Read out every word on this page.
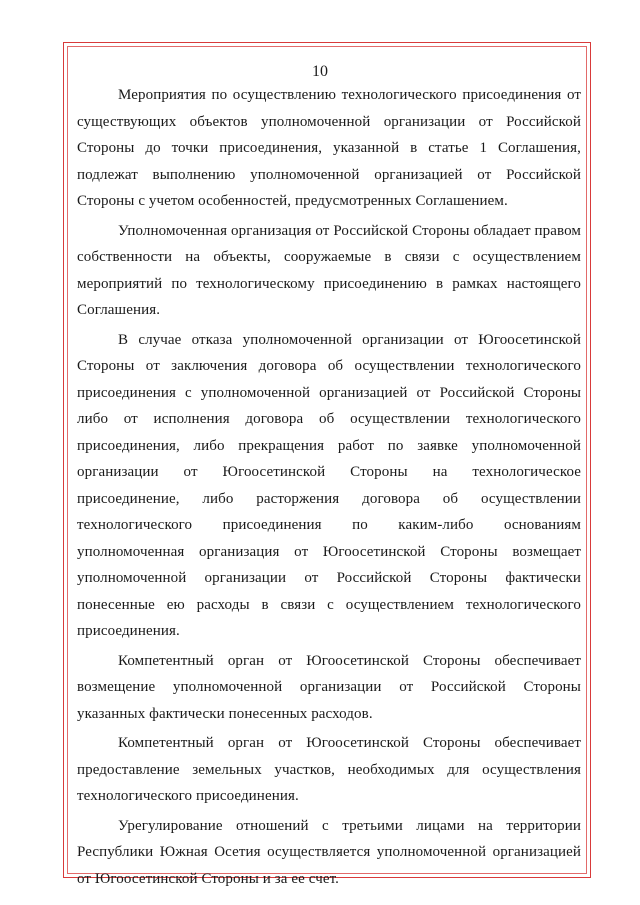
10

Мероприятия по осуществлению технологического присоединения от существующих объектов уполномоченной организации от Российской Стороны до точки присоединения, указанной в статье 1 Соглашения, подлежат выполнению уполномоченной организацией от Российской Стороны с учетом особенностей, предусмотренных Соглашением.

Уполномоченная организация от Российской Стороны обладает правом собственности на объекты, сооружаемые в связи с осуществлением мероприятий по технологическому присоединению в рамках настоящего Соглашения.

В случае отказа уполномоченной организации от Югоосетинской Стороны от заключения договора об осуществлении технологического присоединения с уполномоченной организацией от Российской Стороны либо от исполнения договора об осуществлении технологического присоединения, либо прекращения работ по заявке уполномоченной организации от Югоосетинской Стороны на технологическое присоединение, либо расторжения договора об осуществлении технологического присоединения по каким-либо основаниям уполномоченная организация от Югоосетинской Стороны возмещает уполномоченной организации от Российской Стороны фактически понесенные ею расходы в связи с осуществлением технологического присоединения.

Компетентный орган от Югоосетинской Стороны обеспечивает возмещение уполномоченной организации от Российской Стороны указанных фактически понесенных расходов.

Компетентный орган от Югоосетинской Стороны обеспечивает предоставление земельных участков, необходимых для осуществления технологического присоединения.

Урегулирование отношений с третьими лицами на территории Республики Южная Осетия осуществляется уполномоченной организацией от Югоосетинской Стороны и за ее счет.
